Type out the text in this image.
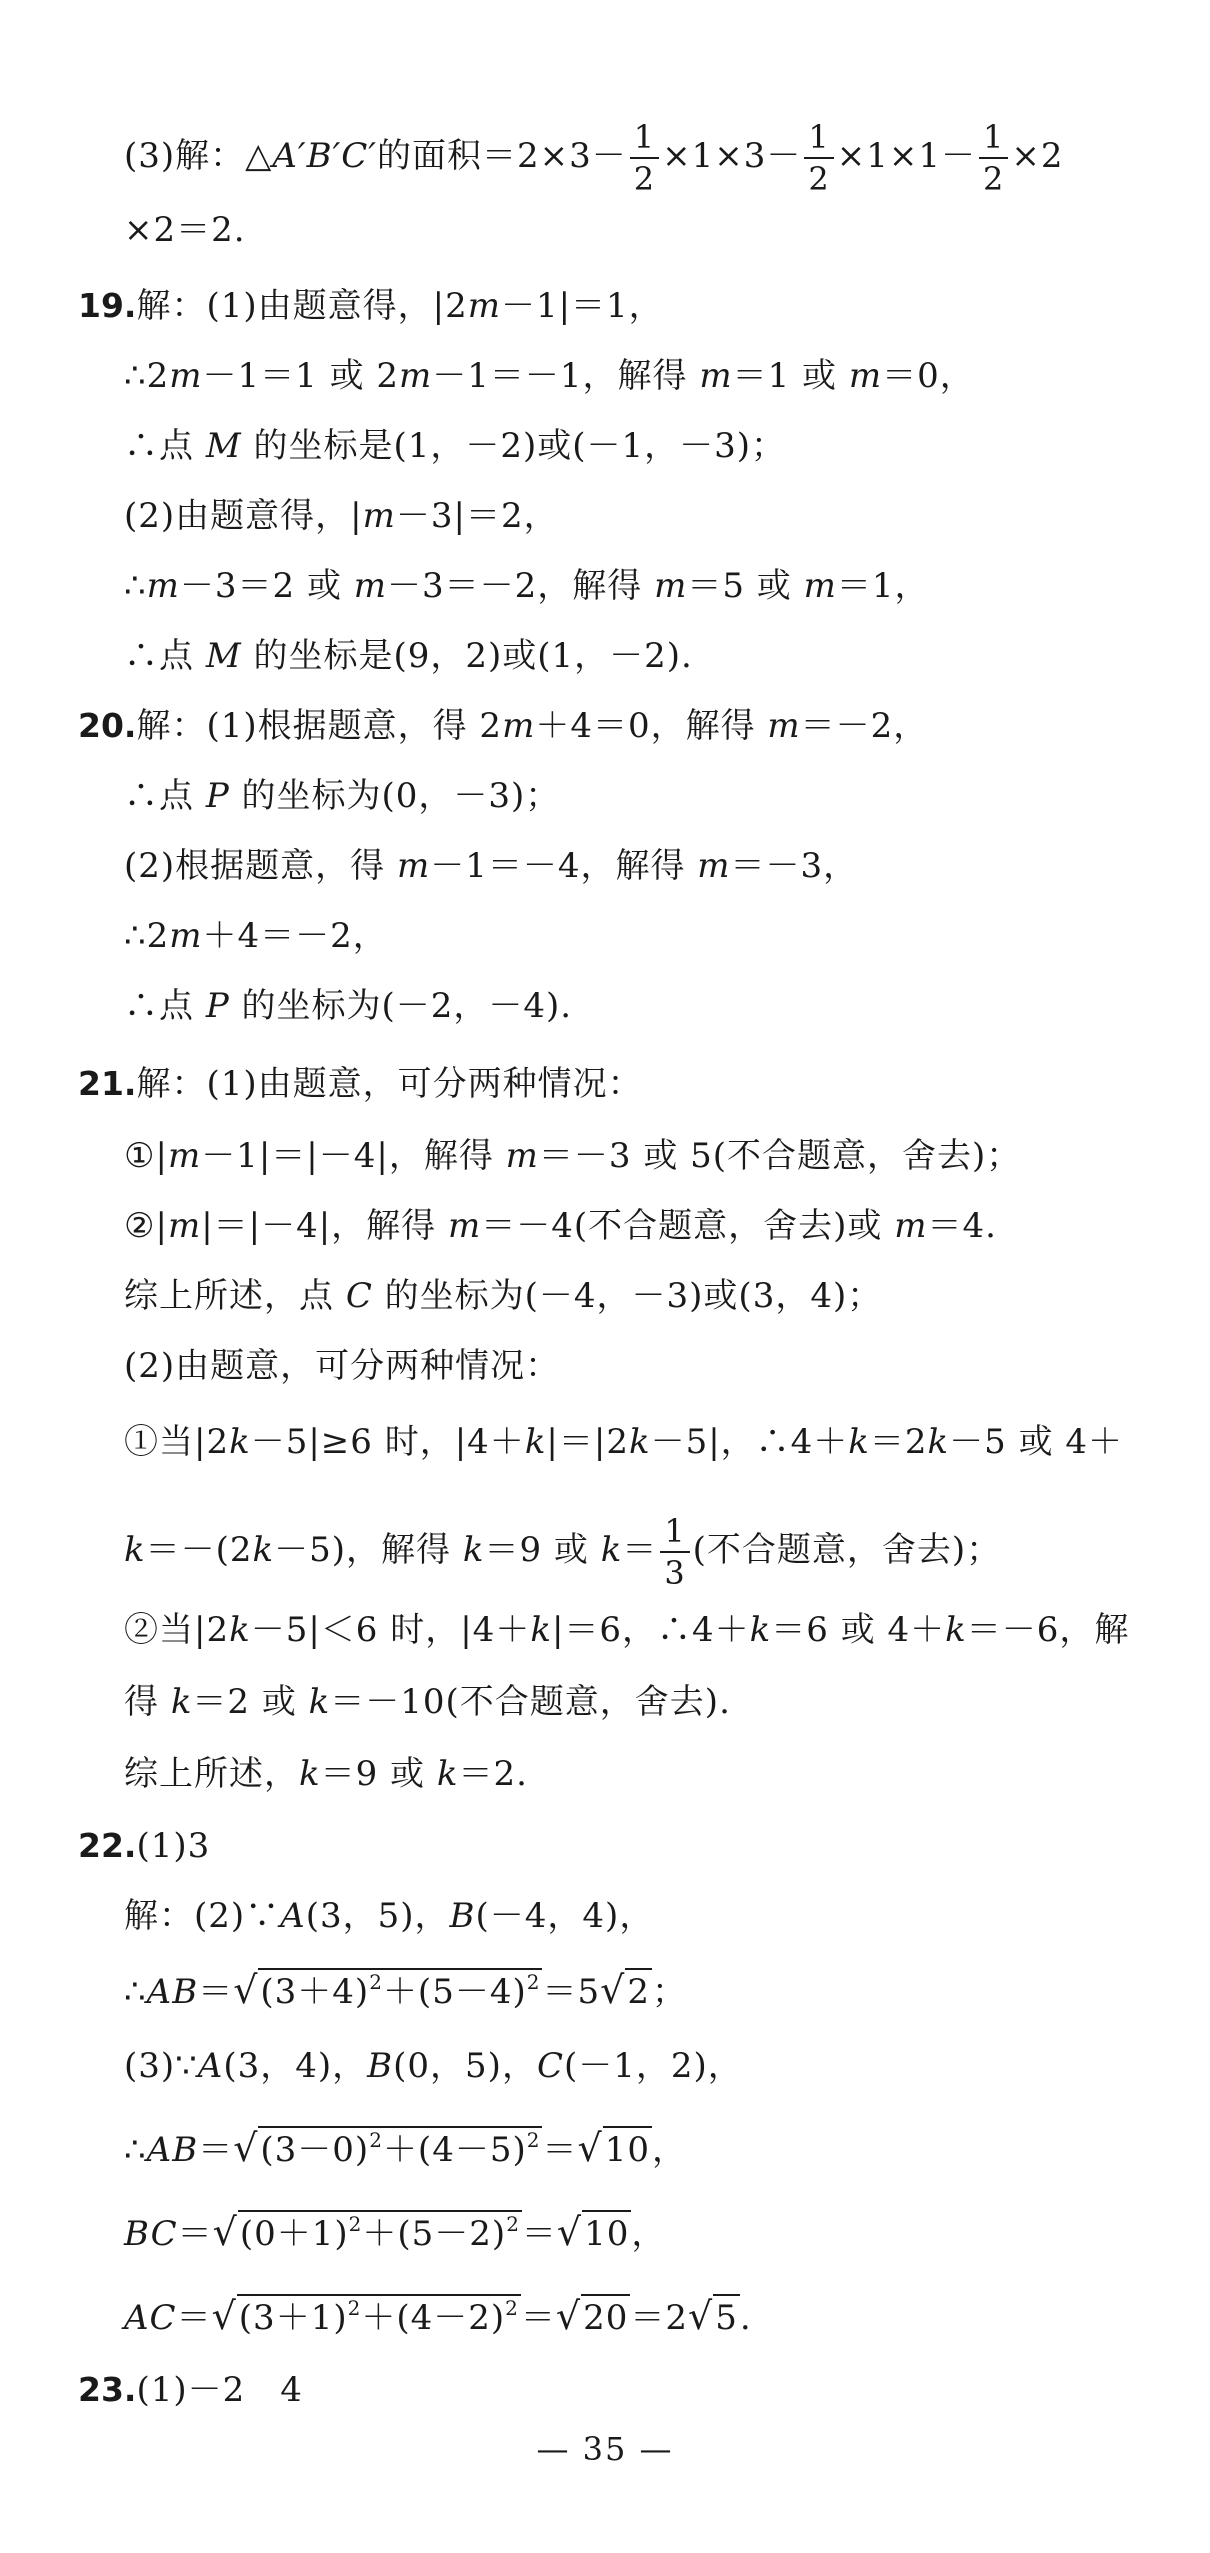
(3)解：△A′B′C′的面积$=2\times 3- \frac{1}{2} \times 1\times 3- \frac{1}{2} \times 1\times 1- \frac{1}{2} \times 2$
×2＝2.
19.解：(1)由题意得，|2m－1|＝1，
∴2m－1＝1 或 2m－1＝－1，解得 m＝1 或 m＝0，
∴点 M 的坐标是(1，－2)或(－1，－3)；
(2)由题意得，|m－3|＝2，
∴m－3＝2 或 m－3＝－2，解得 m＝5 或 m＝1，
∴点 M 的坐标是(9，2)或(1，－2).
20.解：(1)根据题意，得 2m＋4＝0，解得 m＝－2，
∴点 P 的坐标为(0，－3)；
(2)根据题意，得 m－1＝－4，解得 m＝－3，
∴2m＋4＝－2，
∴点 P 的坐标为(－2，－4).
21.解：(1)由题意，可分两种情况：
①|m－1|＝|－4|，解得 m＝－3 或 5(不合题意，舍去)；
②|m|＝|－4|，解得 m＝－4(不合题意，舍去)或 m＝4.
综上所述，点 C 的坐标为(－4，－3)或(3，4)；
(2)由题意，可分两种情况：
①当|2k－5|≥6 时，|4＋k|＝|2k－5|，∴4＋k＝2k－5 或 4＋
k＝－(2k－5)，解得 k＝9 或 $k= \frac{1}{3}$ (不合题意，舍去)；
②当|2k－5|＜6 时，|4＋k|＝6，∴4＋k＝6 或 4＋k＝－6，解
得 k＝2 或 k＝－10(不合题意，舍去).
综上所述，k＝9 或 k＝2.
22.(1)3
解：(2)∵A(3，5)，B(－4，4)，
$\therefore AB=√(3+4)^2+(5-4)^2=5√2$；
(3)∵A(3，4)，B(0，5)，C(－1，2)，
$\therefore AB=√(3-0)^2+(4-5)^2=√10$，
$BC=√(0+1)^2+(5-2)^2=√10$，
$AC=√(3+1)^2+(4-2)^2=√20=2√5$.
23.(1)－2　4
— 35 —
